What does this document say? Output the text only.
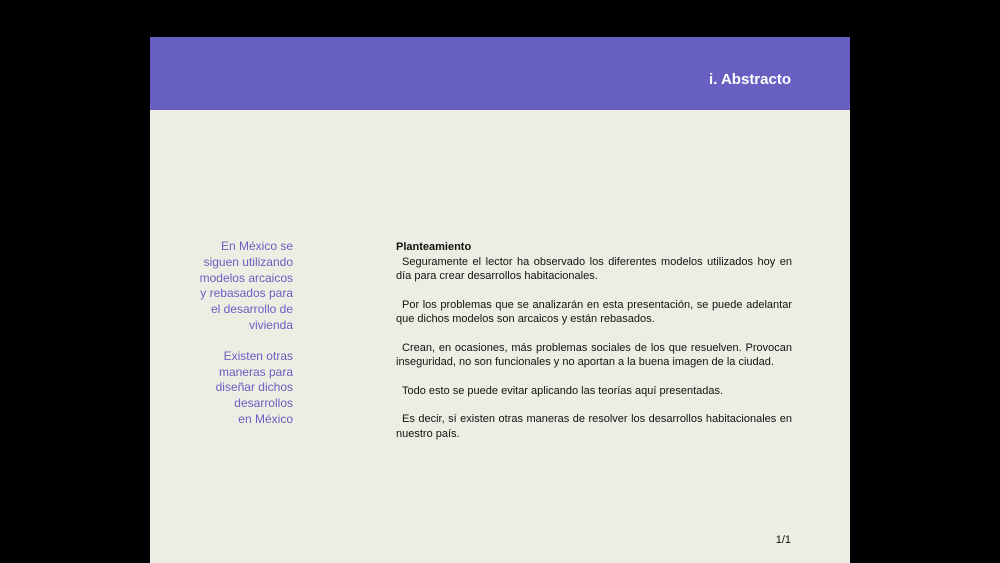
i. Abstracto
En México se
siguen utilizando
modelos arcaicos
y rebasados para
el desarrollo de
vivienda
Existen otras
maneras para
diseñar dichos
desarrollos
en México

Planteamiento

Seguramente el lector ha observado los diferentes modelos utilizados hoy en día para crear desarrollos habitacionales.

Por los problemas que se analizarán en esta presentación, se puede adelantar que dichos modelos son arcaicos y están rebasados.

Crean, en ocasiones, más problemas sociales de los que resuelven. Provocan inseguridad, no son funcionales y no aportan a la buena imagen de la ciudad.

Todo esto se puede evitar aplicando las teorías aquí presentadas.

Es decir, sí existen otras maneras de resolver los desarrollos habitacionales en nuestro país.

1/1
